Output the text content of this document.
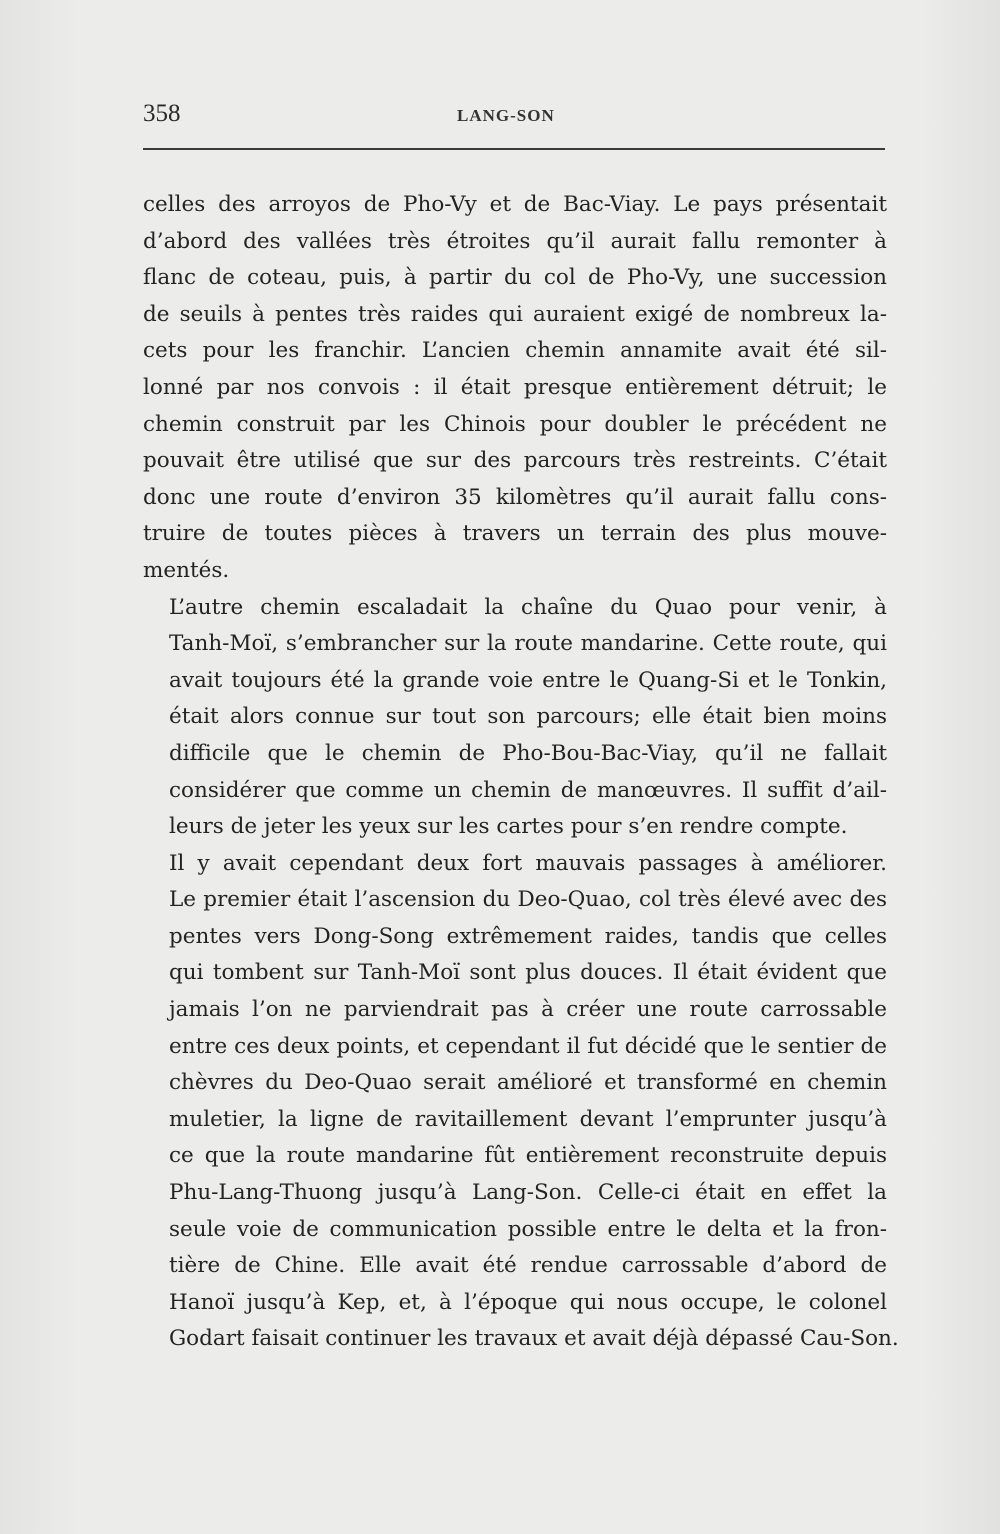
358	LANG-SON
celles des arroyos de Pho-Vy et de Bac-Viay. Le pays présentait
d’abord des vallées très étroites qu’il aurait fallu remonter à
flanc de coteau, puis, à partir du col de Pho-Vy, une succession
de seuils à pentes très raides qui auraient exigé de nombreux la-
cets pour les franchir. L’ancien chemin annamite avait été sil-
lonné par nos convois : il était presque entièrement détruit; le
chemin construit par les Chinois pour doubler le précédent ne
pouvait être utilisé que sur des parcours très restreints. C’était
donc une route d’environ 35 kilomètres qu’il aurait fallu cons-
truire de toutes pièces à travers un terrain des plus mouve-
mentés.
L’autre chemin escaladait la chaîne du Quao pour venir, à
Tanh-Moï, s’embrancher sur la route mandarine. Cette route, qui
avait toujours été la grande voie entre le Quang-Si et le Tonkin,
était alors connue sur tout son parcours; elle était bien moins
difficile que le chemin de Pho-Bou-Bac-Viay, qu’il ne fallait
considérer que comme un chemin de manœuvres. Il suffit d’ail-
leurs de jeter les yeux sur les cartes pour s’en rendre compte.
Il y avait cependant deux fort mauvais passages à améliorer.
Le premier était l’ascension du Deo-Quao, col très élevé avec des
pentes vers Dong-Song extrêmement raides, tandis que celles
qui tombent sur Tanh-Moï sont plus douces. Il était évident que
jamais l’on ne parviendrait pas à créer une route carrossable
entre ces deux points, et cependant il fut décidé que le sentier de
chèvres du Deo-Quao serait amélioré et transformé en chemin
muletier, la ligne de ravitaillement devant l’emprunter jusqu’à
ce que la route mandarine fût entièrement reconstruite depuis
Phu-Lang-Thuong jusqu’à Lang-Son. Celle-ci était en effet la
seule voie de communication possible entre le delta et la fron-
tière de Chine. Elle avait été rendue carrossable d’abord de
Hanoï jusqu’à Kep, et, à l’époque qui nous occupe, le colonel
Godart faisait continuer les travaux et avait déjà dépassé Cau-Son.
